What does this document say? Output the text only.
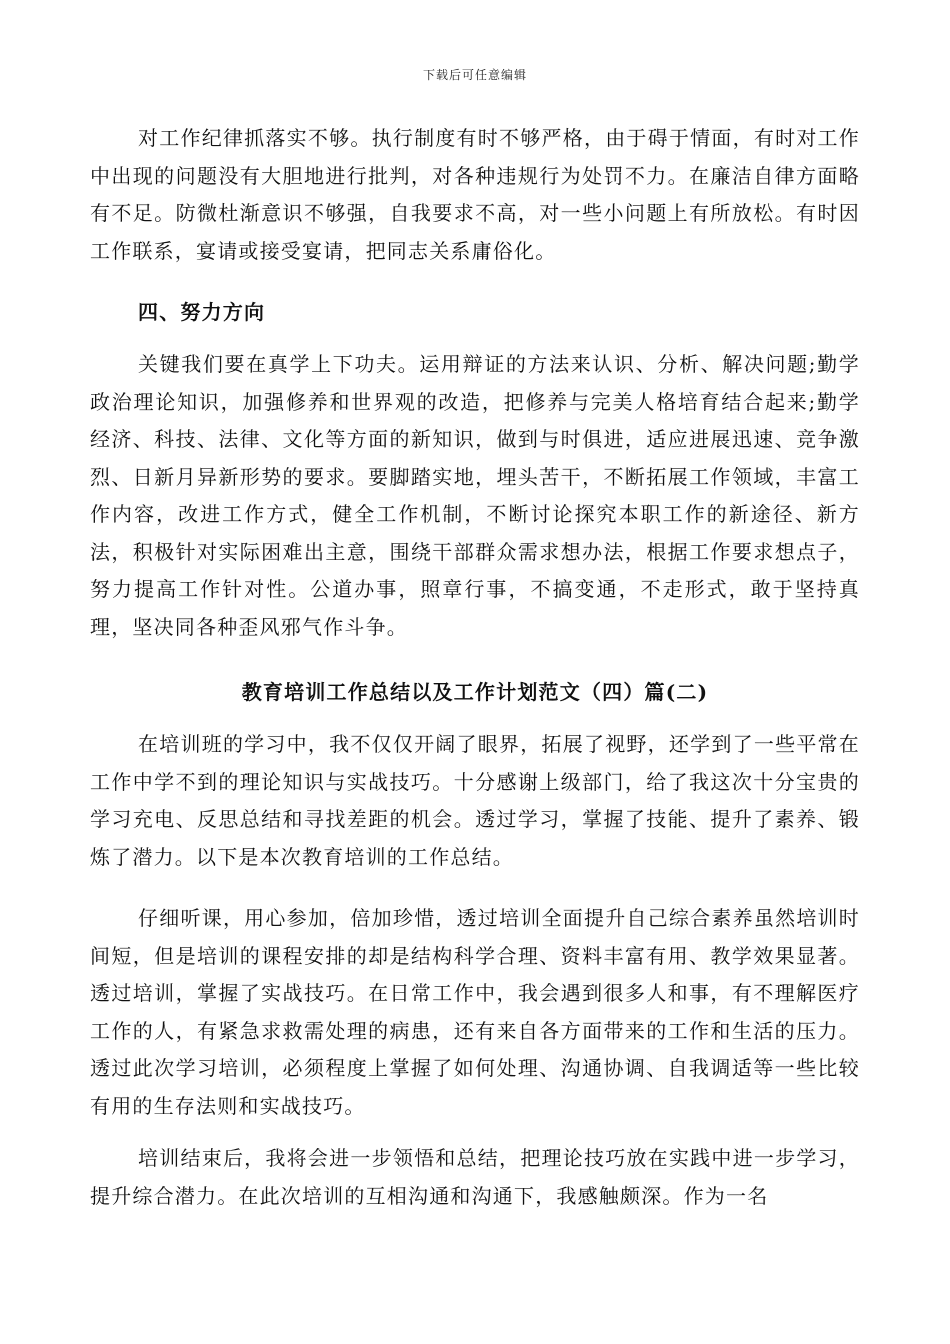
下载后可任意编辑

对工作纪律抓落实不够。执行制度有时不够严格，由于碍于情面，有时对工作中出现的问题没有大胆地进行批判，对各种违规行为处罚不力。在廉洁自律方面略有不足。防微杜渐意识不够强，自我要求不高，对一些小问题上有所放松。有时因工作联系，宴请或接受宴请，把同志关系庸俗化。

四、努力方向

关键我们要在真学上下功夫。运用辩证的方法来认识、分析、解决问题;勤学政治理论知识，加强修养和世界观的改造，把修养与完美人格培育结合起来;勤学经济、科技、法律、文化等方面的新知识，做到与时俱进，适应进展迅速、竞争激烈、日新月异新形势的要求。要脚踏实地，埋头苦干，不断拓展工作领域，丰富工作内容，改进工作方式，健全工作机制，不断讨论探究本职工作的新途径、新方法，积极针对实际困难出主意，围绕干部群众需求想办法，根据工作要求想点子，努力提高工作针对性。公道办事，照章行事，不搞变通，不走形式，敢于坚持真理，坚决同各种歪风邪气作斗争。

教育培训工作总结以及工作计划范文（四）篇(二)

在培训班的学习中，我不仅仅开阔了眼界，拓展了视野，还学到了一些平常在工作中学不到的理论知识与实战技巧。十分感谢上级部门，给了我这次十分宝贵的学习充电、反思总结和寻找差距的机会。透过学习，掌握了技能、提升了素养、锻炼了潜力。以下是本次教育培训的工作总结。

仔细听课，用心参加，倍加珍惜，透过培训全面提升自己综合素养虽然培训时间短，但是培训的课程安排的却是结构科学合理、资料丰富有用、教学效果显著。透过培训，掌握了实战技巧。在日常工作中，我会遇到很多人和事，有不理解医疗工作的人，有紧急求救需处理的病患，还有来自各方面带来的工作和生活的压力。透过此次学习培训，必须程度上掌握了如何处理、沟通协调、自我调适等一些比较有用的生存法则和实战技巧。

培训结束后，我将会进一步领悟和总结，把理论技巧放在实践中进一步学习，提升综合潜力。在此次培训的互相沟通和沟通下，我感触颇深。作为一名
